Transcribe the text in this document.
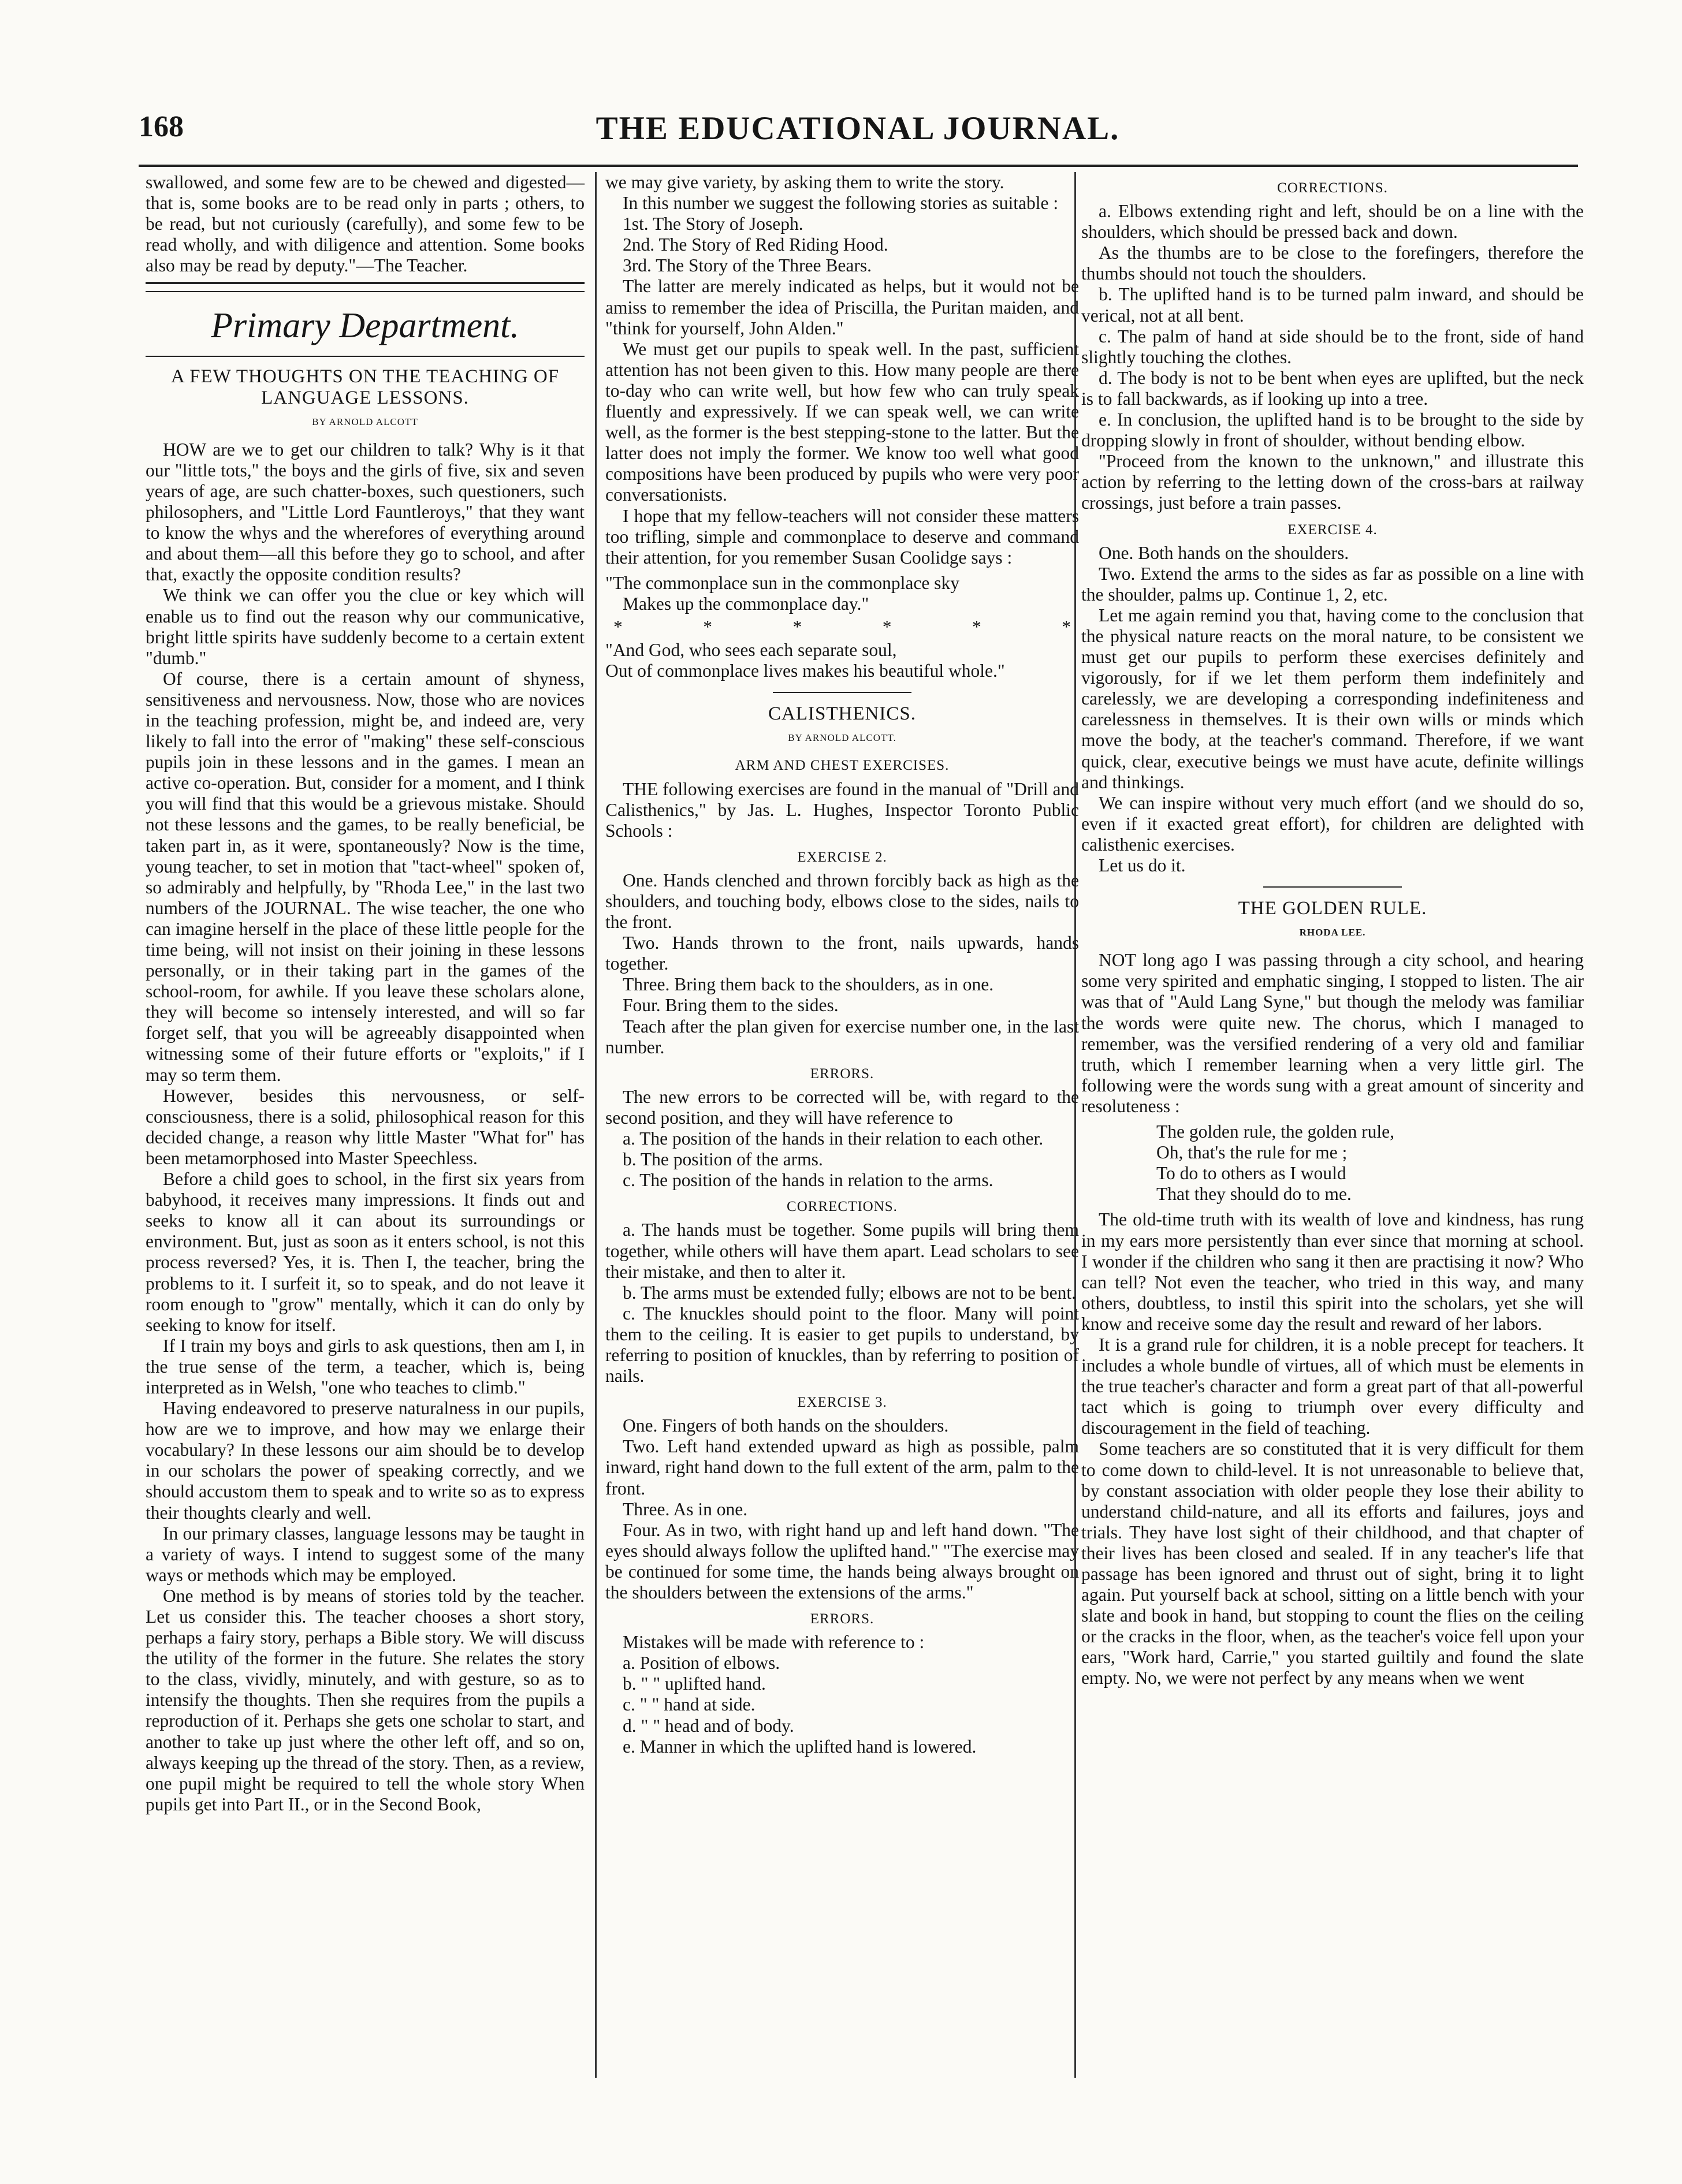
168	THE EDUCATIONAL JOURNAL.

swallowed, and some few are to be chewed and digested—that is, some books are to be read only in parts ; others, to be read, but not curiously (carefully), and some few to be read wholly, and with diligence and attention. Some books also may be read by deputy."—The Teacher.

Primary Department.
A FEW THOUGHTS ON THE TEACHING OF LANGUAGE LESSONS.
BY ARNOLD ALCOTT

HOW are we to get our children to talk? Why is it that our "little tots," the boys and the girls of five, six and seven years of age, are such chatter-boxes, such questioners, such philosophers, and "Little Lord Fauntleroys," that they want to know the whys and the wherefores of everything around and about them—all this before they go to school, and after that, exactly the opposite condition results?

We think we can offer you the clue or key which will enable us to find out the reason why our communicative, bright little spirits have suddenly become to a certain extent "dumb."

Of course, there is a certain amount of shyness, sensitiveness and nervousness. Now, those who are novices in the teaching profession, might be, and indeed are, very likely to fall into the error of "making" these self-conscious pupils join in these lessons and in the games. I mean an active co-operation. But, consider for a moment, and I think you will find that this would be a grievous mistake. Should not these lessons and the games, to be really beneficial, be taken part in, as it were, spontaneously? Now is the time, young teacher, to set in motion that "tact-wheel" spoken of, so admirably and helpfully, by "Rhoda Lee," in the last two numbers of the JOURNAL. The wise teacher, the one who can imagine herself in the place of these little people for the time being, will not insist on their joining in these lessons personally, or in their taking part in the games of the school-room, for awhile. If you leave these scholars alone, they will become so intensely interested, and will so far forget self, that you will be agreeably disappointed when witnessing some of their future efforts or "exploits," if I may so term them.

However, besides this nervousness, or self-consciousness, there is a solid, philosophical reason for this decided change, a reason why little Master "What for" has been metamorphosed into Master Speechless.

Before a child goes to school, in the first six years from babyhood, it receives many impressions. It finds out and seeks to know all it can about its surroundings or environment. But, just as soon as it enters school, is not this process reversed? Yes, it is. Then I, the teacher, bring the problems to it. I surfeit it, so to speak, and do not leave it room enough to "grow" mentally, which it can do only by seeking to know for itself.

If I train my boys and girls to ask questions, then am I, in the true sense of the term, a teacher, which is, being interpreted as in Welsh, "one who teaches to climb."

Having endeavored to preserve naturalness in our pupils, how are we to improve, and how may we enlarge their vocabulary? In these lessons our aim should be to develop in our scholars the power of speaking correctly, and we should accustom them to speak and to write so as to express their thoughts clearly and well.

In our primary classes, language lessons may be taught in a variety of ways. I intend to suggest some of the many ways or methods which may be employed.

One method is by means of stories told by the teacher. Let us consider this. The teacher chooses a short story, perhaps a fairy story, perhaps a Bible story. We will discuss the utility of the former in the future. She relates the story to the class, vividly, minutely, and with gesture, so as to intensify the thoughts. Then she requires from the pupils a reproduction of it. Perhaps she gets one scholar to start, and another to take up just where the other left off, and so on, always keeping up the thread of the story. Then, as a review, one pupil might be required to tell the whole story When pupils get into Part II., or in the Second Book,

we may give variety, by asking them to write the story.

In this number we suggest the following stories as suitable :

1st. The Story of Joseph.

2nd. The Story of Red Riding Hood.

3rd. The Story of the Three Bears.

The latter are merely indicated as helps, but it would not be amiss to remember the idea of Priscilla, the Puritan maiden, and "think for yourself, John Alden."

We must get our pupils to speak well. In the past, sufficient attention has not been given to this. How many people are there to-day who can write well, but how few who can truly speak fluently and expressively. If we can speak well, we can write well, as the former is the best stepping-stone to the latter. But the latter does not imply the former. We know too well what good compositions have been produced by pupils who were very poor conversationists.

I hope that my fellow-teachers will not consider these matters too trifling, simple and commonplace to deserve and command their attention, for you remember Susan Coolidge says :

"The commonplace sun in the commonplace sky

Makes up the commonplace day."

*	*	*	*	*	*

"And God, who sees each separate soul,

Out of commonplace lives makes his beautiful whole."

CALISTHENICS.
BY ARNOLD ALCOTT.
ARM AND CHEST EXERCISES.

THE following exercises are found in the manual of "Drill and Calisthenics," by Jas. L. Hughes, Inspector Toronto Public Schools :

EXERCISE 2.

One. Hands clenched and thrown forcibly back as high as the shoulders, and touching body, elbows close to the sides, nails to the front.

Two. Hands thrown to the front, nails upwards, hands together.

Three. Bring them back to the shoulders, as in one.

Four. Bring them to the sides.

Teach after the plan given for exercise number one, in the last number.

ERRORS.

The new errors to be corrected will be, with regard to the second position, and they will have reference to

a. The position of the hands in their relation to each other.

b. The position of the arms.

c. The position of the hands in relation to the arms.

CORRECTIONS.

a. The hands must be together. Some pupils will bring them together, while others will have them apart. Lead scholars to see their mistake, and then to alter it.

b. The arms must be extended fully; elbows are not to be bent.

c. The knuckles should point to the floor. Many will point them to the ceiling. It is easier to get pupils to understand, by referring to position of knuckles, than by referring to position of nails.

EXERCISE 3.

One. Fingers of both hands on the shoulders.

Two. Left hand extended upward as high as possible, palm inward, right hand down to the full extent of the arm, palm to the front.

Three. As in one.

Four. As in two, with right hand up and left hand down. "The eyes should always follow the uplifted hand." "The exercise may be continued for some time, the hands being always brought on the shoulders between the extensions of the arms."

ERRORS.

Mistakes will be made with reference to :

a. Position of elbows.

b. " " uplifted hand.

c. " " hand at side.

d. " " head and of body.

e. Manner in which the uplifted hand is lowered.

CORRECTIONS.

a. Elbows extending right and left, should be on a line with the shoulders, which should be pressed back and down.

As the thumbs are to be close to the forefingers, therefore the thumbs should not touch the shoulders.

b. The uplifted hand is to be turned palm inward, and should be verical, not at all bent.

c. The palm of hand at side should be to the front, side of hand slightly touching the clothes.

d. The body is not to be bent when eyes are uplifted, but the neck is to fall backwards, as if looking up into a tree.

e. In conclusion, the uplifted hand is to be brought to the side by dropping slowly in front of shoulder, without bending elbow.

"Proceed from the known to the unknown," and illustrate this action by referring to the letting down of the cross-bars at railway crossings, just before a train passes.

EXERCISE 4.

One. Both hands on the shoulders.

Two. Extend the arms to the sides as far as possible on a line with the shoulder, palms up. Continue 1, 2, etc.

Let me again remind you that, having come to the conclusion that the physical nature reacts on the moral nature, to be consistent we must get our pupils to perform these exercises definitely and vigorously, for if we let them perform them indefinitely and carelessly, we are developing a corresponding indefiniteness and carelessness in themselves. It is their own wills or minds which move the body, at the teacher's command. Therefore, if we want quick, clear, executive beings we must have acute, definite willings and thinkings.

We can inspire without very much effort (and we should do so, even if it exacted great effort), for children are delighted with calisthenic exercises.

Let us do it.

THE GOLDEN RULE.
RHODA LEE.

NOT long ago I was passing through a city school, and hearing some very spirited and emphatic singing, I stopped to listen. The air was that of "Auld Lang Syne," but though the melody was familiar the words were quite new. The chorus, which I managed to remember, was the versified rendering of a very old and familiar truth, which I remember learning when a very little girl. The following were the words sung with a great amount of sincerity and resoluteness :

The golden rule, the golden rule,

Oh, that's the rule for me ;

To do to others as I would

That they should do to me.

The old-time truth with its wealth of love and kindness, has rung in my ears more persistently than ever since that morning at school. I wonder if the children who sang it then are practising it now? Who can tell? Not even the teacher, who tried in this way, and many others, doubtless, to instil this spirit into the scholars, yet she will know and receive some day the result and reward of her labors.

It is a grand rule for children, it is a noble precept for teachers. It includes a whole bundle of virtues, all of which must be elements in the true teacher's character and form a great part of that all-powerful tact which is going to triumph over every difficulty and discouragement in the field of teaching.

Some teachers are so constituted that it is very difficult for them to come down to child-level. It is not unreasonable to believe that, by constant association with older people they lose their ability to understand child-nature, and all its efforts and failures, joys and trials. They have lost sight of their childhood, and that chapter of their lives has been closed and sealed. If in any teacher's life that passage has been ignored and thrust out of sight, bring it to light again. Put yourself back at school, sitting on a little bench with your slate and book in hand, but stopping to count the flies on the ceiling or the cracks in the floor, when, as the teacher's voice fell upon your ears, "Work hard, Carrie," you started guiltily and found the slate empty. No, we were not perfect by any means when we went
